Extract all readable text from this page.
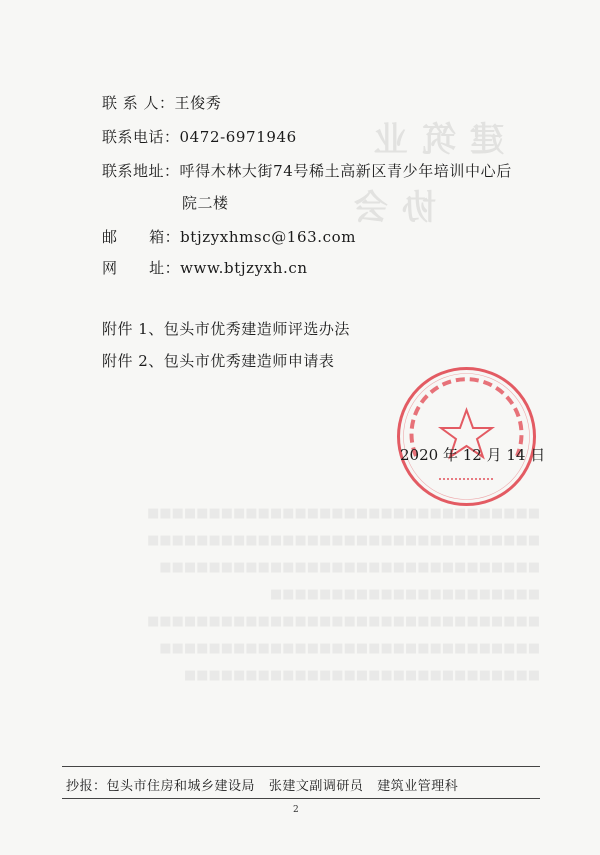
建筑业
协会
■■■■■■■■■■■■■■■■■■■■■■■■■■■■■■■■ ■■■■■■■■■■■■■■■■■■■■■■■■■■■■■■■■ ■■■■■■■■■■■■■■■■■■■■■■■■■■■■■■■ ■■■■■■■■■■■■■■■■■■■■■■ ■■■■■■■■■■■■■■■■■■■■■■■■■■■■■■■■ ■■■■■■■■■■■■■■■■■■■■■■■■■■■■■■■ ■■■■■■■■■■■■■■■■■■■■■■■■■■■■■
联 系 人：王俊秀
联系电话：0472-6971946
联系地址：呼得木林大街74号稀土高新区青少年培训中心后
院二楼
邮      箱：btjzyxhmsc@163.com
网      址：www.btjzyxh.cn
附件 1、包头市优秀建造师评选办法
附件 2、包头市优秀建造师申请表
2020 年 12 月 14 日
抄报：包头市住房和城乡建设局   张建文副调研员   建筑业管理科
2
